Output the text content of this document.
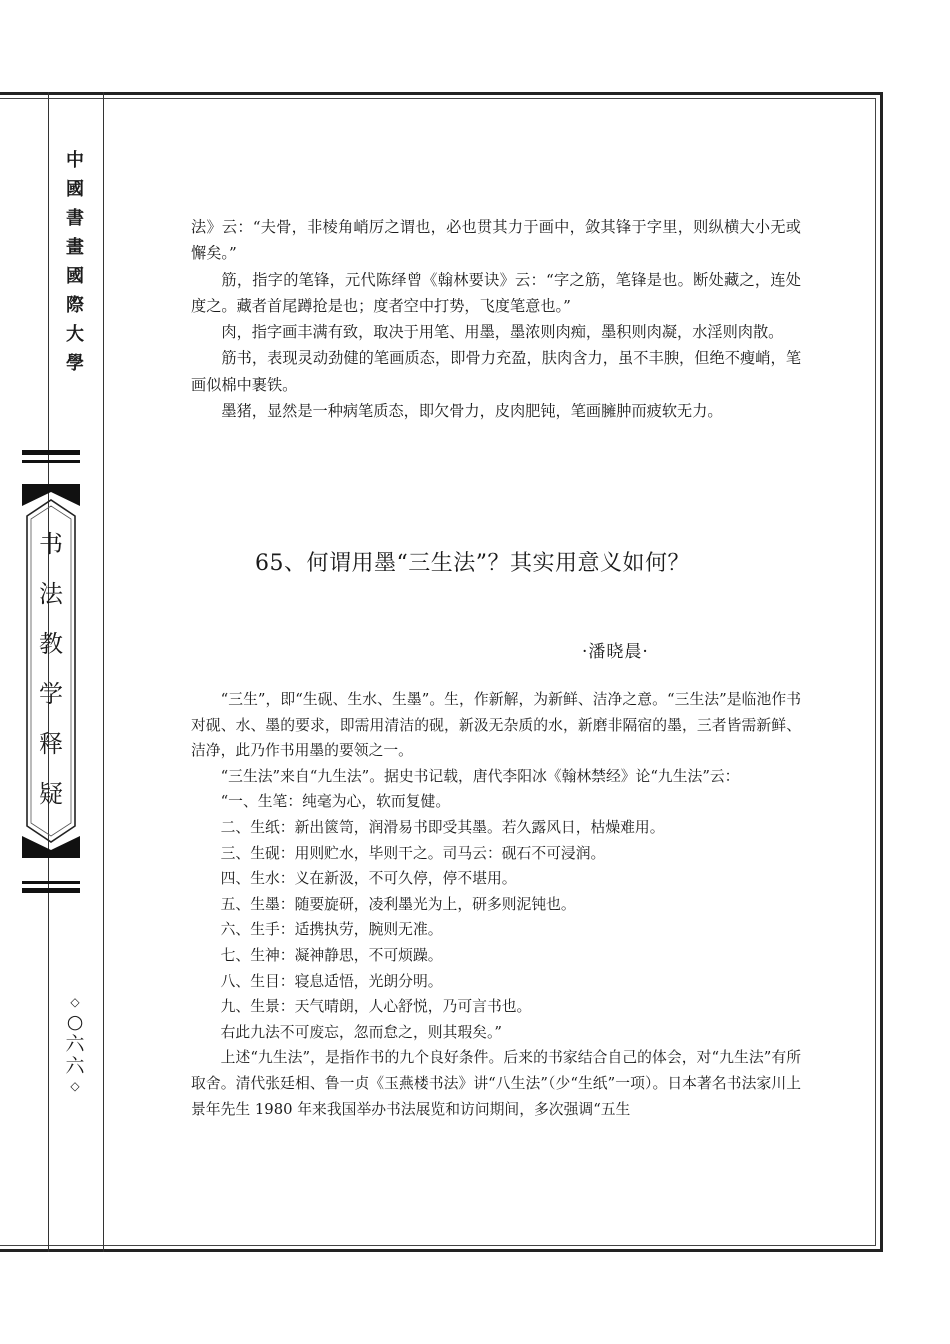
中
國
書
畫
國
際
大
學
书
法
教
学
释
疑
◇
○
六
六
◇

法》云：“夫骨，非棱角峭厉之谓也，必也贯其力于画中，敛其锋于字里，则纵横大小无或懈矣。”

筋，指字的笔锋，元代陈绎曾《翰林要诀》云：“字之筋，笔锋是也。断处藏之，连处度之。藏者首尾蹲抢是也；度者空中打势，飞度笔意也。”

肉，指字画丰满有致，取决于用笔、用墨，墨浓则肉痴，墨积则肉凝，水淫则肉散。

筋书，表现灵动劲健的笔画质态，即骨力充盈，肤肉含力，虽不丰腴，但绝不瘦峭，笔画似棉中裹铁。

墨猪，显然是一种病笔质态，即欠骨力，皮肉肥钝，笔画臃肿而疲软无力。

65、何谓用墨“三生法”？其实用意义如何？
·潘晓晨·

“三生”，即“生砚、生水、生墨”。生，作新解，为新鲜、洁净之意。“三生法”是临池作书对砚、水、墨的要求，即需用清洁的砚，新汲无杂质的水，新磨非隔宿的墨，三者皆需新鲜、洁净，此乃作书用墨的要领之一。

“三生法”来自“九生法”。据史书记载，唐代李阳冰《翰林禁经》论“九生法”云：

“一、生笔：纯毫为心，软而复健。

二、生纸：新出篋笥，润滑易书即受其墨。若久露风日，枯燥难用。

三、生砚：用则贮水，毕则干之。司马云：砚石不可浸润。

四、生水：义在新汲，不可久停，停不堪用。

五、生墨：随要旋研，凌利墨光为上，研多则泥钝也。

六、生手：适携执劳，腕则无准。

七、生神：凝神静思，不可烦躁。

八、生目：寝息适悟，光朗分明。

九、生景：天气晴朗，人心舒悦，乃可言书也。

右此九法不可废忘，忽而怠之，则其瑕矣。”

上述“九生法”，是指作书的九个良好条件。后来的书家结合自己的体会，对“九生法”有所取舍。清代张廷相、鲁一贞《玉燕楼书法》讲“八生法”（少“生纸”一项）。日本著名书法家川上景年先生 1980 年来我国举办书法展览和访问期间，多次强调“五生
